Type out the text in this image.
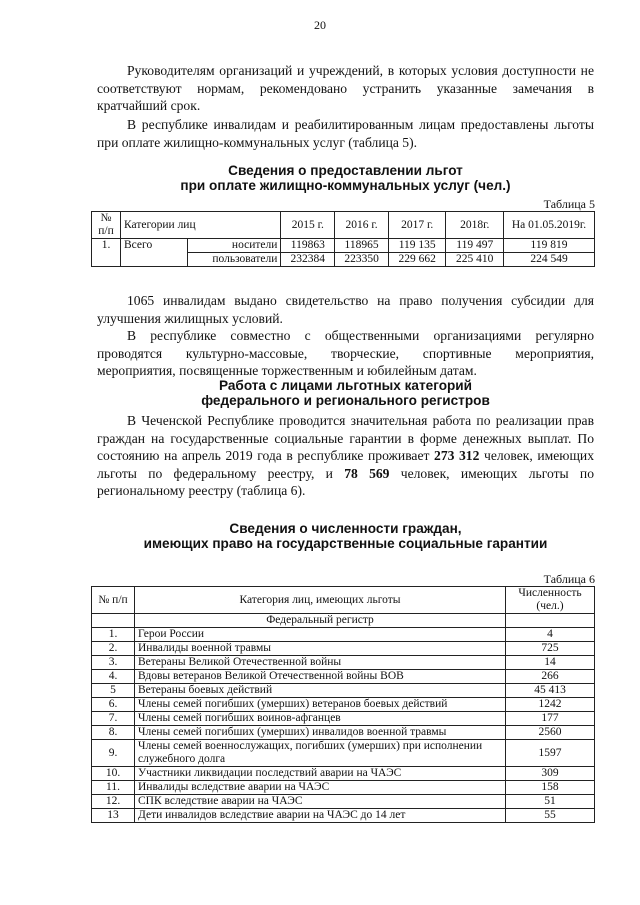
20
Руководителям организаций и учреждений, в которых условия доступности не соответствуют нормам, рекомендовано устранить указанные замечания в кратчайший срок.
В республике инвалидам и реабилитированным лицам предоставлены льготы при оплате жилищно-коммунальных услуг (таблица 5).
Сведения о предоставлении льгот
при оплате жилищно-коммунальных услуг (чел.)
Таблица 5
№ п/п	Категории лиц		2015 г.	2016 г.	2017 г.	2018г.	На 01.05.2019г.
1.	Всего	носители	119863	118965	119 135	119 497	119 819
		пользователи	232384	223350	229 662	225 410	224 549
1065 инвалидам выдано свидетельство на право получения субсидии для улучшения жилищных условий.
В республике совместно с общественными организациями регулярно проводятся культурно-массовые, творческие, спортивные мероприятия, мероприятия, посвященные торжественным и юбилейным датам.
Работа с лицами льготных категорий
федерального и регионального регистров
В Чеченской Республике проводится значительная работа по реализации прав граждан на государственные социальные гарантии в форме денежных выплат. По состоянию на апрель 2019 года в республике проживает 273 312 человек, имеющих льготы по федеральному реестру, и 78 569 человек, имеющих льготы по региональному реестру (таблица 6).
Сведения о численности граждан,
имеющих право на государственные социальные гарантии
Таблица 6
№ п/п	Категория лиц, имеющих льготы	Численность (чел.)
	Федеральный регистр	
1.	Герои России	4
2.	Инвалиды военной травмы	725
3.	Ветераны Великой Отечественной войны	14
4.	Вдовы ветеранов Великой Отечественной войны ВОВ	266
5	Ветераны боевых действий	45 413
6.	Члены семей погибших (умерших) ветеранов боевых действий	1242
7.	Члены семей погибших воинов-афганцев	177
8.	Члены семей погибших (умерших) инвалидов военной травмы	2560
9.	Члены семей военнослужащих, погибших (умерших) при исполнении служебного долга	1597
10.	Участники ликвидации последствий аварии на ЧАЭС	309
11.	Инвалиды вследствие аварии на ЧАЭС	158
12.	СПК вследствие аварии на ЧАЭС	51
13	Дети инвалидов вследствие аварии на ЧАЭС до 14 лет	55
